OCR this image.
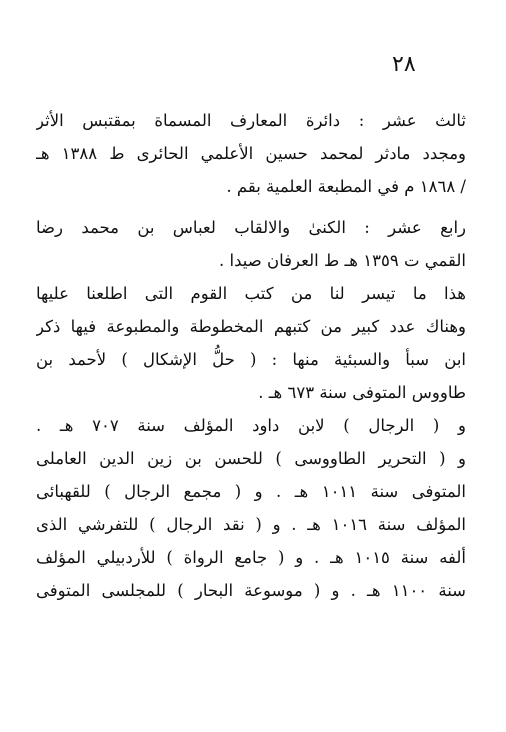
٢٨
ثالث عشر : دائرة المعارف المسماة بمقتبس الأثر
ومجدد مادثر لمحمد حسين الأعلمي الحائرى ط ١٣٨٨ هـ
/ ١٨٦٨ م في المطبعة العلمية بقم .
رابع عشر : الكنىٰ والالقاب لعباس بن محمد رضا
القمي ت ١٣٥٩ هـ ط العرفان صيدا .
هذا ما تيسر لنا من كتب القوم التى اطلعنا عليها
وهناك عدد كبير من كتبهم المخطوطة والمطبوعة فيها ذكر
ابن سبأ والسبئية منها : ( حلُّ الإشكال ) لأحمد بن
طاووس المتوفى سنة ٦٧٣ هـ .
و ( الرجال ) لابن داود المؤلف سنة ٧٠٧ هـ .
و ( التحرير الطاووسى ) للحسن بن زين الدين العاملى
المتوفى سنة ١٠١١ هـ . و ( مجمع الرجال ) للقهبائى
المؤلف سنة ١٠١٦ هـ . و ( نقد الرجال ) للتفرشي الذى
ألفه سنة ١٠١٥ هـ . و ( جامع الرواة ) للأردبيلي المؤلف
سنة ١١٠٠ هـ . و ( موسوعة البحار ) للمجلسى المتوفى
